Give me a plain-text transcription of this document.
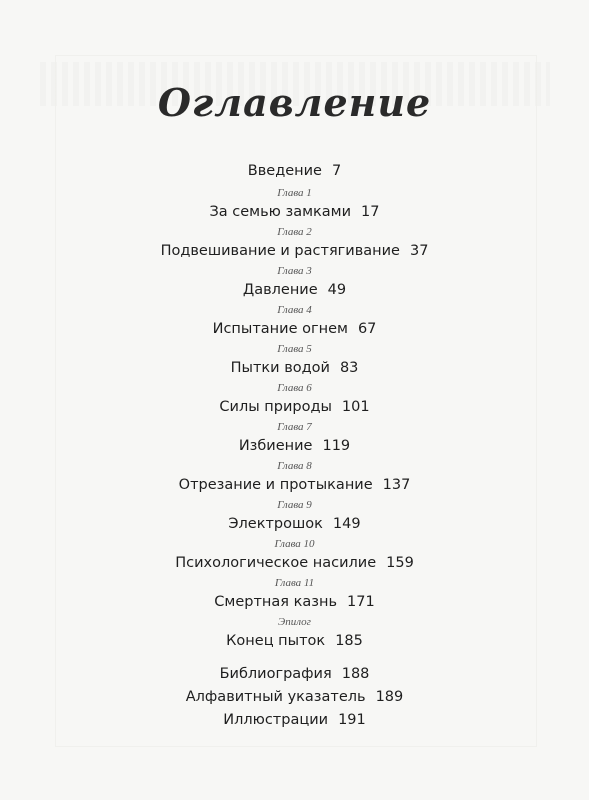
Оглавление
Введение 7
Глава 1
За семью замками 17
Глава 2
Подвешивание и растягивание 37
Глава 3
Давление 49
Глава 4
Испытание огнем 67
Глава 5
Пытки водой 83
Глава 6
Силы природы 101
Глава 7
Избиение 119
Глава 8
Отрезание и протыкание 137
Глава 9
Электрошок 149
Глава 10
Психологическое насилие 159
Глава 11
Смертная казнь 171
Эпилог
Конец пыток 185
Библиография 188
Алфавитный указатель 189
Иллюстрации 191
